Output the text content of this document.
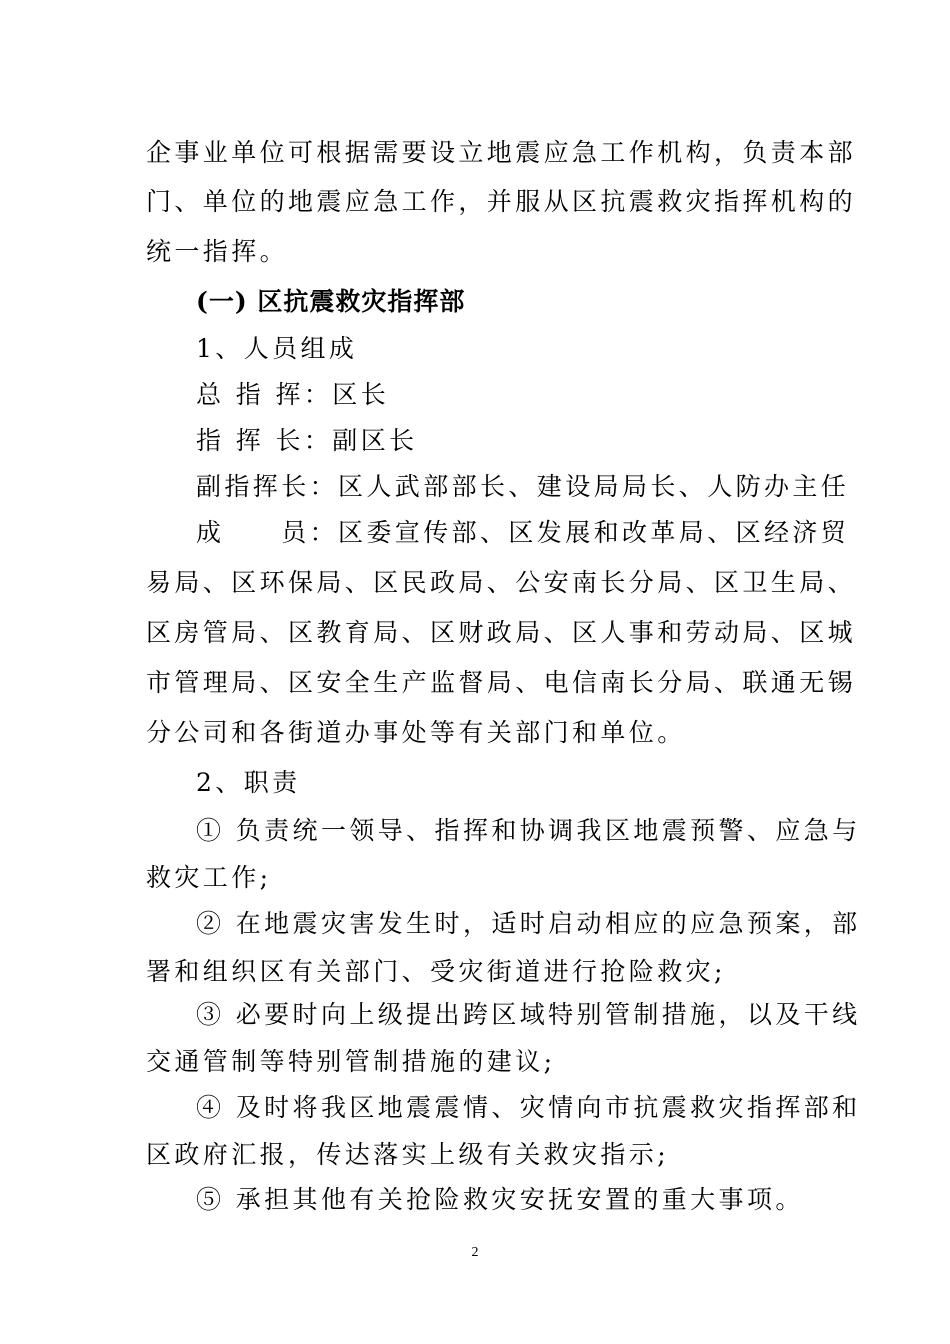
企事业单位可根据需要设立地震应急工作机构，负责本部
门、单位的地震应急工作，并服从区抗震救灾指挥机构的
统一指挥。
(一) 区抗震救灾指挥部
1、人员组成
总 指 挥：区长
指 挥 长：副区长
副指挥长：区人武部部长、建设局局长、人防办主任
成　　员：区委宣传部、区发展和改革局、区经济贸
易局、区环保局、区民政局、公安南长分局、区卫生局、
区房管局、区教育局、区财政局、区人事和劳动局、区城
市管理局、区安全生产监督局、电信南长分局、联通无锡
分公司和各街道办事处等有关部门和单位。
2、职责
① 负责统一领导、指挥和协调我区地震预警、应急与
救灾工作;
② 在地震灾害发生时，适时启动相应的应急预案，部
署和组织区有关部门、受灾街道进行抢险救灾;
③ 必要时向上级提出跨区域特别管制措施，以及干线
交通管制等特别管制措施的建议;
④ 及时将我区地震震情、灾情向市抗震救灾指挥部和
区政府汇报，传达落实上级有关救灾指示;
⑤ 承担其他有关抢险救灾安抚安置的重大事项。
2
